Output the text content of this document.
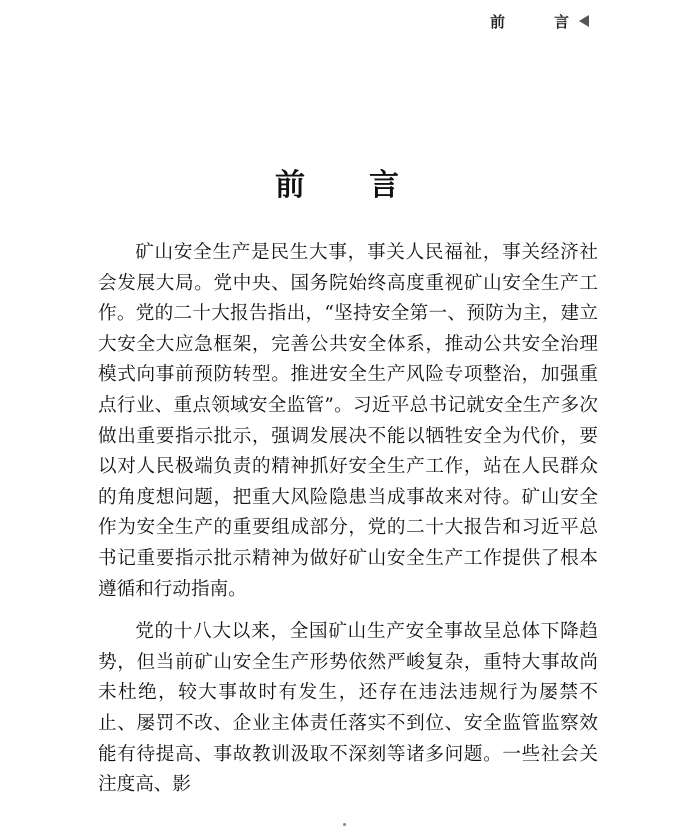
前	言
前 言

矿山安全生产是民生大事，事关人民福祉，事关经济社会发展大局。党中央、国务院始终高度重视矿山安全生产工作。党的二十大报告指出，“坚持安全第一、预防为主，建立大安全大应急框架，完善公共安全体系，推动公共安全治理模式向事前预防转型。推进安全生产风险专项整治，加强重点行业、重点领域安全监管”。习近平总书记就安全生产多次做出重要指示批示，强调发展决不能以牺牲安全为代价，要以对人民极端负责的精神抓好安全生产工作，站在人民群众的角度想问题，把重大风险隐患当成事故来对待。矿山安全作为安全生产的重要组成部分，党的二十大报告和习近平总书记重要指示批示精神为做好矿山安全生产工作提供了根本遵循和行动指南。

党的十八大以来，全国矿山生产安全事故呈总体下降趋势，但当前矿山安全生产形势依然严峻复杂，重特大事故尚未杜绝，较大事故时有发生，还存在违法违规行为屡禁不止、屡罚不改、企业主体责任落实不到位、安全监管监察效能有待提高、事故教训汲取不深刻等诸多问题。一些社会关注度高、影
